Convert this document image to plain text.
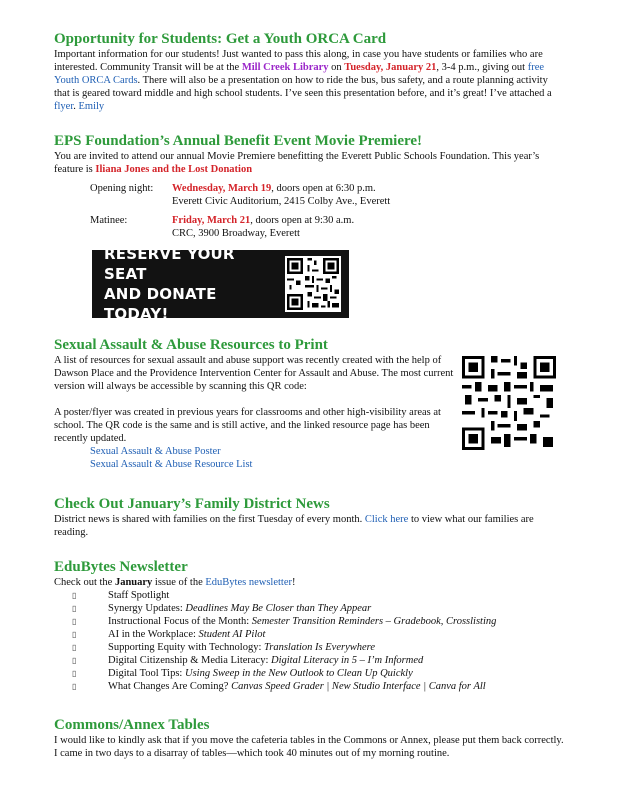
Opportunity for Students: Get a Youth ORCA Card

Important information for our students! Just wanted to pass this along, in case you have students or families who are interested. Community Transit will be at the Mill Creek Library on Tuesday, January 21, 3-4 p.m., giving out free Youth ORCA Cards. There will also be a presentation on how to ride the bus, bus safety, and a route planning activity that is geared toward middle and high school students. I’ve seen this presentation before, and it’s great! I’ve attached a flyer. Emily

EPS Foundation’s Annual Benefit Event Movie Premiere!

You are invited to attend our annual Movie Premiere benefitting the Everett Public Schools Foundation. This year’s feature is Iliana Jones and the Lost Donation

Opening night:	Wednesday, March 19, doors open at 6:30 p.m.
Everett Civic Auditorium, 2415 Colby Ave., Everett
Matinee:	Friday, March 21, doors open at 9:30 a.m.
CRC, 3900 Broadway, Everett
RESERVE YOUR SEAT
AND DONATE TODAY!
Sexual Assault & Abuse Resources to Print

A list of resources for sexual assault and abuse support was recently created with the help of Dawson Place and the Providence Intervention Center for Assault and Abuse. The most current version will always be accessible by scanning this QR code:

A poster/flyer was created in previous years for classrooms and other high-visibility areas at school. The QR code is the same and is still active, and the linked resource page has been recently updated.

Sexual Assault & Abuse Poster
Sexual Assault & Abuse Resource List
Check Out January’s Family District News

District news is shared with families on the first Tuesday of every month. Click here to view what our families are reading.

EduBytes Newsletter

Check out the January issue of the EduBytes newsletter!

▯ Staff Spotlight
▯ Synergy Updates: Deadlines May Be Closer than They Appear
▯ Instructional Focus of the Month: Semester Transition Reminders – Gradebook, Crosslisting
▯ AI in the Workplace: Student AI Pilot
▯ Supporting Equity with Technology: Translation Is Everywhere
▯ Digital Citizenship & Media Literacy: Digital Literacy in 5 – I’m Informed
▯ Digital Tool Tips: Using Sweep in the New Outlook to Clean Up Quickly
▯ What Changes Are Coming? Canvas Speed Grader | New Studio Interface | Canva for All
Commons/Annex Tables

I would like to kindly ask that if you move the cafeteria tables in the Commons or Annex, please put them back correctly. I came in two days to a disarray of tables—which took 40 minutes out of my morning routine.
